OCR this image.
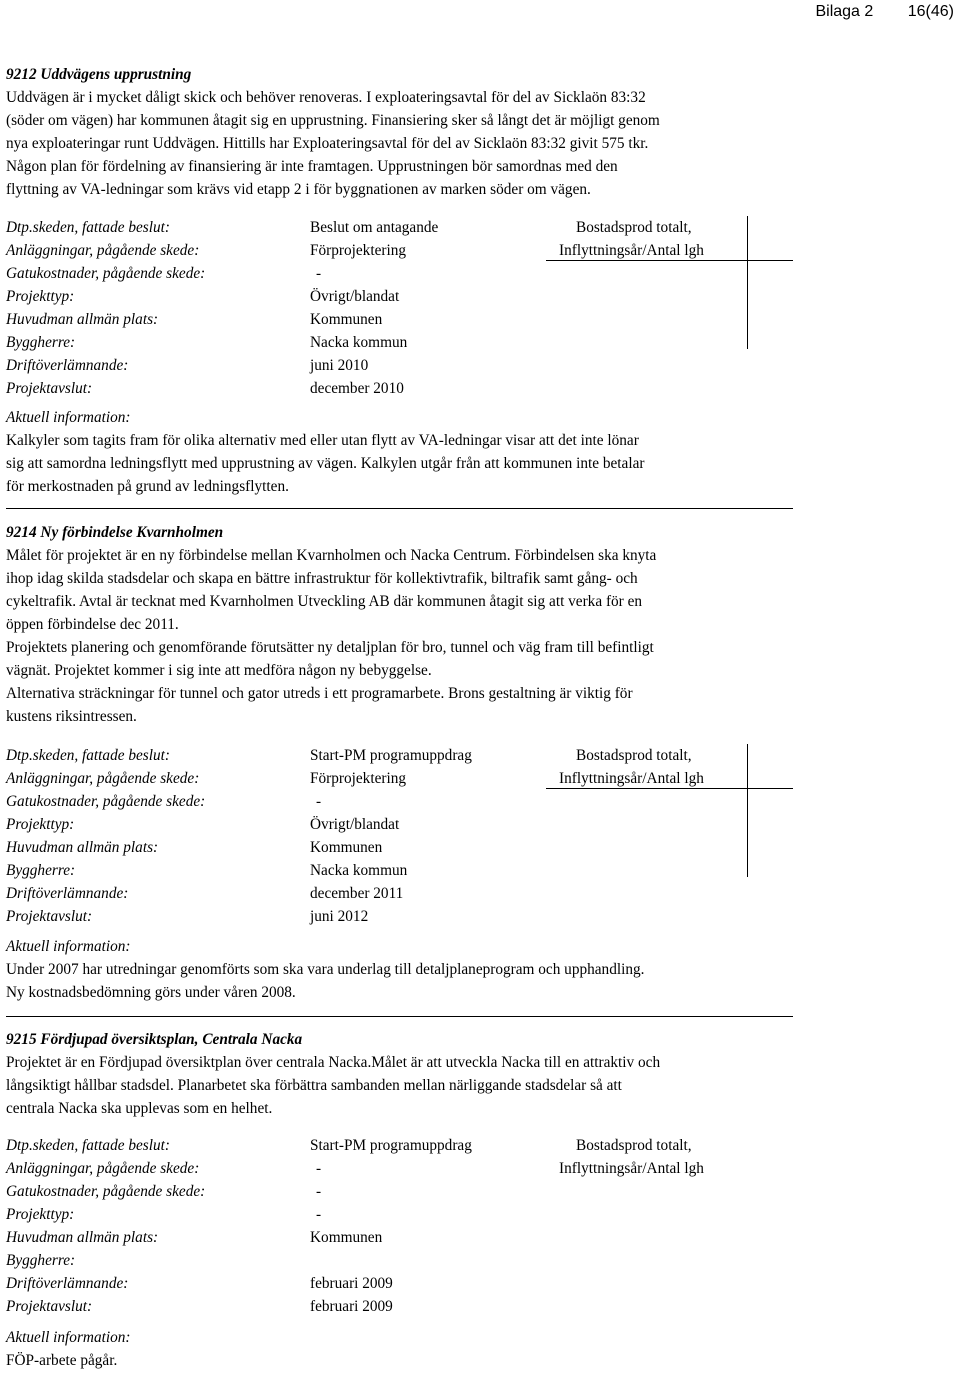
Bilaga 2 16(46)

9212 Uddvägens upprustning

Uddvägen är i mycket dåligt skick och behöver renoveras. I exploateringsavtal för del av Sicklaön 83:32

(söder om vägen) har kommunen åtagit sig en upprustning. Finansiering sker så långt det är möjligt genom

nya exploateringar runt Uddvägen. Hittills har Exploateringsavtal för del av Sicklaön 83:32 givit 575 tkr.

Någon plan för fördelning av finansiering är inte framtagen. Upprustningen bör samordnas med den

flyttning av VA-ledningar som krävs vid etapp 2 i för byggnationen av marken söder om vägen.

Dtp.skeden, fattade beslut:
Anläggningar, pågående skede:
Gatukostnader, pågående skede:
Projekttyp:
Huvudman allmän plats:
Byggherre:
Driftöverlämnande:
Projektavslut:
Beslut om antagande
Förprojektering
-
Övrigt/blandat
Kommunen
Nacka kommun
juni 2010
december 2010
Bostadsprod totalt,
Inflyttningsår/Antal lgh

Aktuell information:

Kalkyler som tagits fram för olika alternativ med eller utan flytt av VA-ledningar visar att det inte lönar

sig att samordna ledningsflytt med upprustning av vägen. Kalkylen utgår från att kommunen inte betalar

för merkostnaden på grund av ledningsflytten.

9214 Ny förbindelse Kvarnholmen

Målet för projektet är en ny förbindelse mellan Kvarnholmen och Nacka Centrum. Förbindelsen ska knyta

ihop idag skilda stadsdelar och skapa en bättre infrastruktur för kollektivtrafik, biltrafik samt gång- och

cykeltrafik. Avtal är tecknat med Kvarnholmen Utveckling AB där kommunen åtagit sig att verka för en

öppen förbindelse dec 2011.

Projektets planering och genomförande förutsätter ny detaljplan för bro, tunnel och väg fram till befintligt

vägnät. Projektet kommer i sig inte att medföra någon ny bebyggelse.

Alternativa sträckningar för tunnel och gator utreds i ett programarbete. Brons gestaltning är viktig för

kustens riksintressen.

Dtp.skeden, fattade beslut:
Anläggningar, pågående skede:
Gatukostnader, pågående skede:
Projekttyp:
Huvudman allmän plats:
Byggherre:
Driftöverlämnande:
Projektavslut:
Start-PM programuppdrag
Förprojektering
-
Övrigt/blandat
Kommunen
Nacka kommun
december 2011
juni 2012
Bostadsprod totalt,
Inflyttningsår/Antal lgh

Aktuell information:

Under 2007 har utredningar genomförts som ska vara underlag till detaljplaneprogram och upphandling.

Ny kostnadsbedömning görs under våren 2008.

9215 Fördjupad översiktsplan, Centrala Nacka

Projektet är en Fördjupad översiktplan över centrala Nacka.Målet är att utveckla Nacka till en attraktiv och

långsiktigt hållbar stadsdel. Planarbetet ska förbättra sambanden mellan närliggande stadsdelar så att

centrala Nacka ska upplevas som en helhet.

Dtp.skeden, fattade beslut:
Anläggningar, pågående skede:
Gatukostnader, pågående skede:
Projekttyp:
Huvudman allmän plats:
Byggherre:
Driftöverlämnande:
Projektavslut:
Start-PM programuppdrag
-
-
-
Kommunen
februari 2009
februari 2009
Bostadsprod totalt,
Inflyttningsår/Antal lgh

Aktuell information:

FÖP-arbete pågår.
